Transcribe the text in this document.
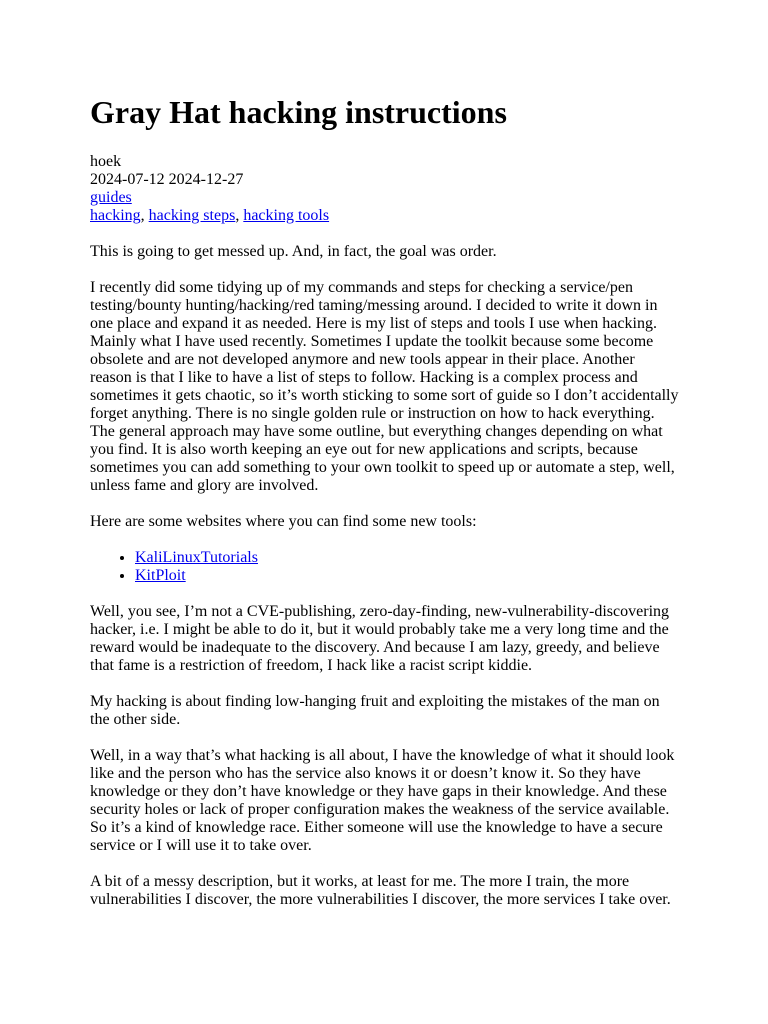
Gray Hat hacking instructions
hoek
2024-07-12 2024-12-27
guides
hacking, hacking steps, hacking tools

This is going to get messed up. And, in fact, the goal was order.

I recently did some tidying up of my commands and steps for checking a service/pen testing/bounty hunting/hacking/red taming/messing around. I decided to write it down in one place and expand it as needed. Here is my list of steps and tools I use when hacking. Mainly what I have used recently. Sometimes I update the toolkit because some become obsolete and are not developed anymore and new tools appear in their place. Another reason is that I like to have a list of steps to follow. Hacking is a complex process and sometimes it gets chaotic, so it’s worth sticking to some sort of guide so I don’t accidentally forget anything. There is no single golden rule or instruction on how to hack everything. The general approach may have some outline, but everything changes depending on what you find. It is also worth keeping an eye out for new applications and scripts, because sometimes you can add something to your own toolkit to speed up or automate a step, well, unless fame and glory are involved.

Here are some websites where you can find some new tools:

• KaliLinuxTutorials
• KitPloit

Well, you see, I’m not a CVE-publishing, zero-day-finding, new-vulnerability-discovering hacker, i.e. I might be able to do it, but it would probably take me a very long time and the reward would be inadequate to the discovery. And because I am lazy, greedy, and believe that fame is a restriction of freedom, I hack like a racist script kiddie.

My hacking is about finding low-hanging fruit and exploiting the mistakes of the man on the other side.

Well, in a way that’s what hacking is all about, I have the knowledge of what it should look like and the person who has the service also knows it or doesn’t know it. So they have knowledge or they don’t have knowledge or they have gaps in their knowledge. And these security holes or lack of proper configuration makes the weakness of the service available. So it’s a kind of knowledge race. Either someone will use the knowledge to have a secure service or I will use it to take over.

A bit of a messy description, but it works, at least for me. The more I train, the more vulnerabilities I discover, the more vulnerabilities I discover, the more services I take over.
